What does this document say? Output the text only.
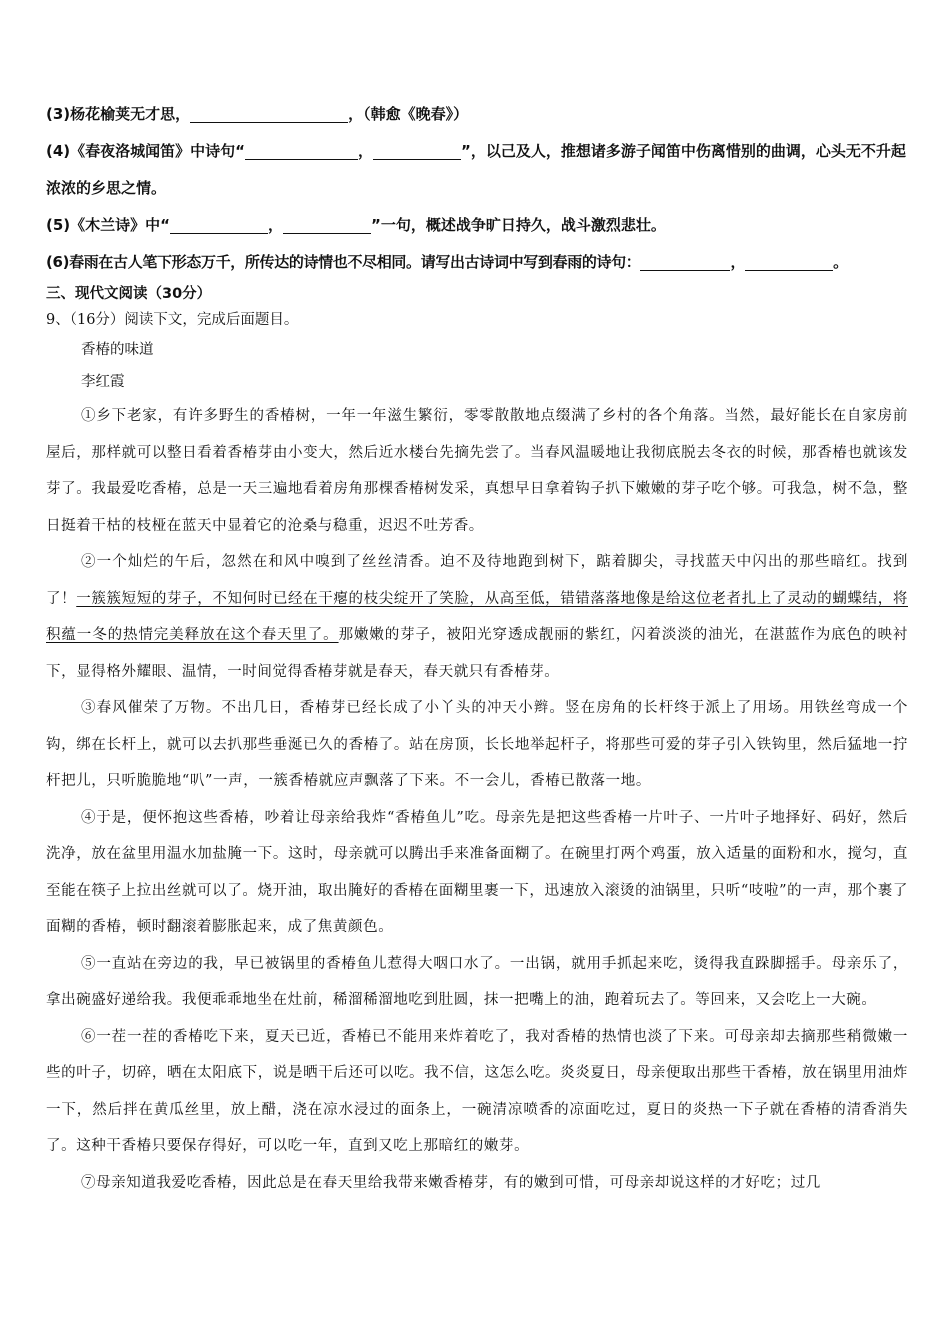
(3)杨花榆荚无才思，	，（韩愈《晚春》）

(4)《春夜洛城闻笛》中诗句“	，	”，以己及人，推想诸多游子闻笛中伤离惜别的曲调，心头无不升起浓浓的乡思之情。

(5)《木兰诗》中“	，	”一句，概述战争旷日持久，战斗激烈悲壮。

(6)春雨在古人笔下形态万千，所传达的诗情也不尽相同。请写出古诗词中写到春雨的诗句：	，	。

三、现代文阅读（30分）

9、（16分）阅读下文，完成后面题目。

香椿的味道

李红霞

①乡下老家，有许多野生的香椿树，一年一年滋生繁衍，零零散散地点缀满了乡村的各个角落。当然，最好能长在自家房前屋后，那样就可以整日看着香椿芽由小变大，然后近水楼台先摘先尝了。当春风温暖地让我彻底脱去冬衣的时候，那香椿也就该发芽了。我最爱吃香椿，总是一天三遍地看着房角那棵香椿树发采，真想早日拿着钩子扒下嫩嫩的芽子吃个够。可我急，树不急，整日挺着干枯的枝桠在蓝天中显着它的沧桑与稳重，迟迟不吐芳香。

②一个灿烂的午后，忽然在和风中嗅到了丝丝清香。迫不及待地跑到树下，踮着脚尖，寻找蓝天中闪出的那些暗红。找到了！一簇簇短短的芽子，不知何时已经在干瘪的枝尖绽开了笑脸，从高至低，错错落落地像是给这位老者扎上了灵动的蝴蝶结，将积蕴一冬的热情完美释放在这个春天里了。那嫩嫩的芽子，被阳光穿透成靓丽的紫红，闪着淡淡的油光，在湛蓝作为底色的映衬下，显得格外耀眼、温情，一时间觉得香椿芽就是春天，春天就只有香椿芽。

③春风催荣了万物。不出几日，香椿芽已经长成了小丫头的冲天小辫。竖在房角的长杆终于派上了用场。用铁丝弯成一个钩，绑在长杆上，就可以去扒那些垂涎已久的香椿了。站在房顶，长长地举起杆子，将那些可爱的芽子引入铁钩里，然后猛地一拧杆把儿，只听脆脆地“叭”一声，一簇香椿就应声飘落了下来。不一会儿，香椿已散落一地。

④于是，便怀抱这些香椿，吵着让母亲给我炸“香椿鱼儿”吃。母亲先是把这些香椿一片叶子、一片叶子地择好、码好，然后洗净，放在盆里用温水加盐腌一下。这时，母亲就可以腾出手来准备面糊了。在碗里打两个鸡蛋，放入适量的面粉和水，搅匀，直至能在筷子上拉出丝就可以了。烧开油，取出腌好的香椿在面糊里裹一下，迅速放入滚烫的油锅里，只听“吱啦”的一声，那个裹了面糊的香椿，顿时翻滚着膨胀起来，成了焦黄颜色。

⑤一直站在旁边的我，早已被锅里的香椿鱼儿惹得大咽口水了。一出锅，就用手抓起来吃，烫得我直跺脚摇手。母亲乐了，拿出碗盛好递给我。我便乖乖地坐在灶前，稀溜稀溜地吃到肚圆，抹一把嘴上的油，跑着玩去了。等回来，又会吃上一大碗。

⑥一茬一茬的香椿吃下来，夏天已近，香椿已不能用来炸着吃了，我对香椿的热情也淡了下来。可母亲却去摘那些稍微嫩一些的叶子，切碎，晒在太阳底下，说是晒干后还可以吃。我不信，这怎么吃。炎炎夏日，母亲便取出那些干香椿，放在锅里用油炸一下，然后拌在黄瓜丝里，放上醋，浇在凉水浸过的面条上，一碗清凉喷香的凉面吃过，夏日的炎热一下子就在香椿的清香消失了。这种干香椿只要保存得好，可以吃一年，直到又吃上那暗红的嫩芽。

⑦母亲知道我爱吃香椿，因此总是在春天里给我带来嫩香椿芽，有的嫩到可惜，可母亲却说这样的才好吃；过几
